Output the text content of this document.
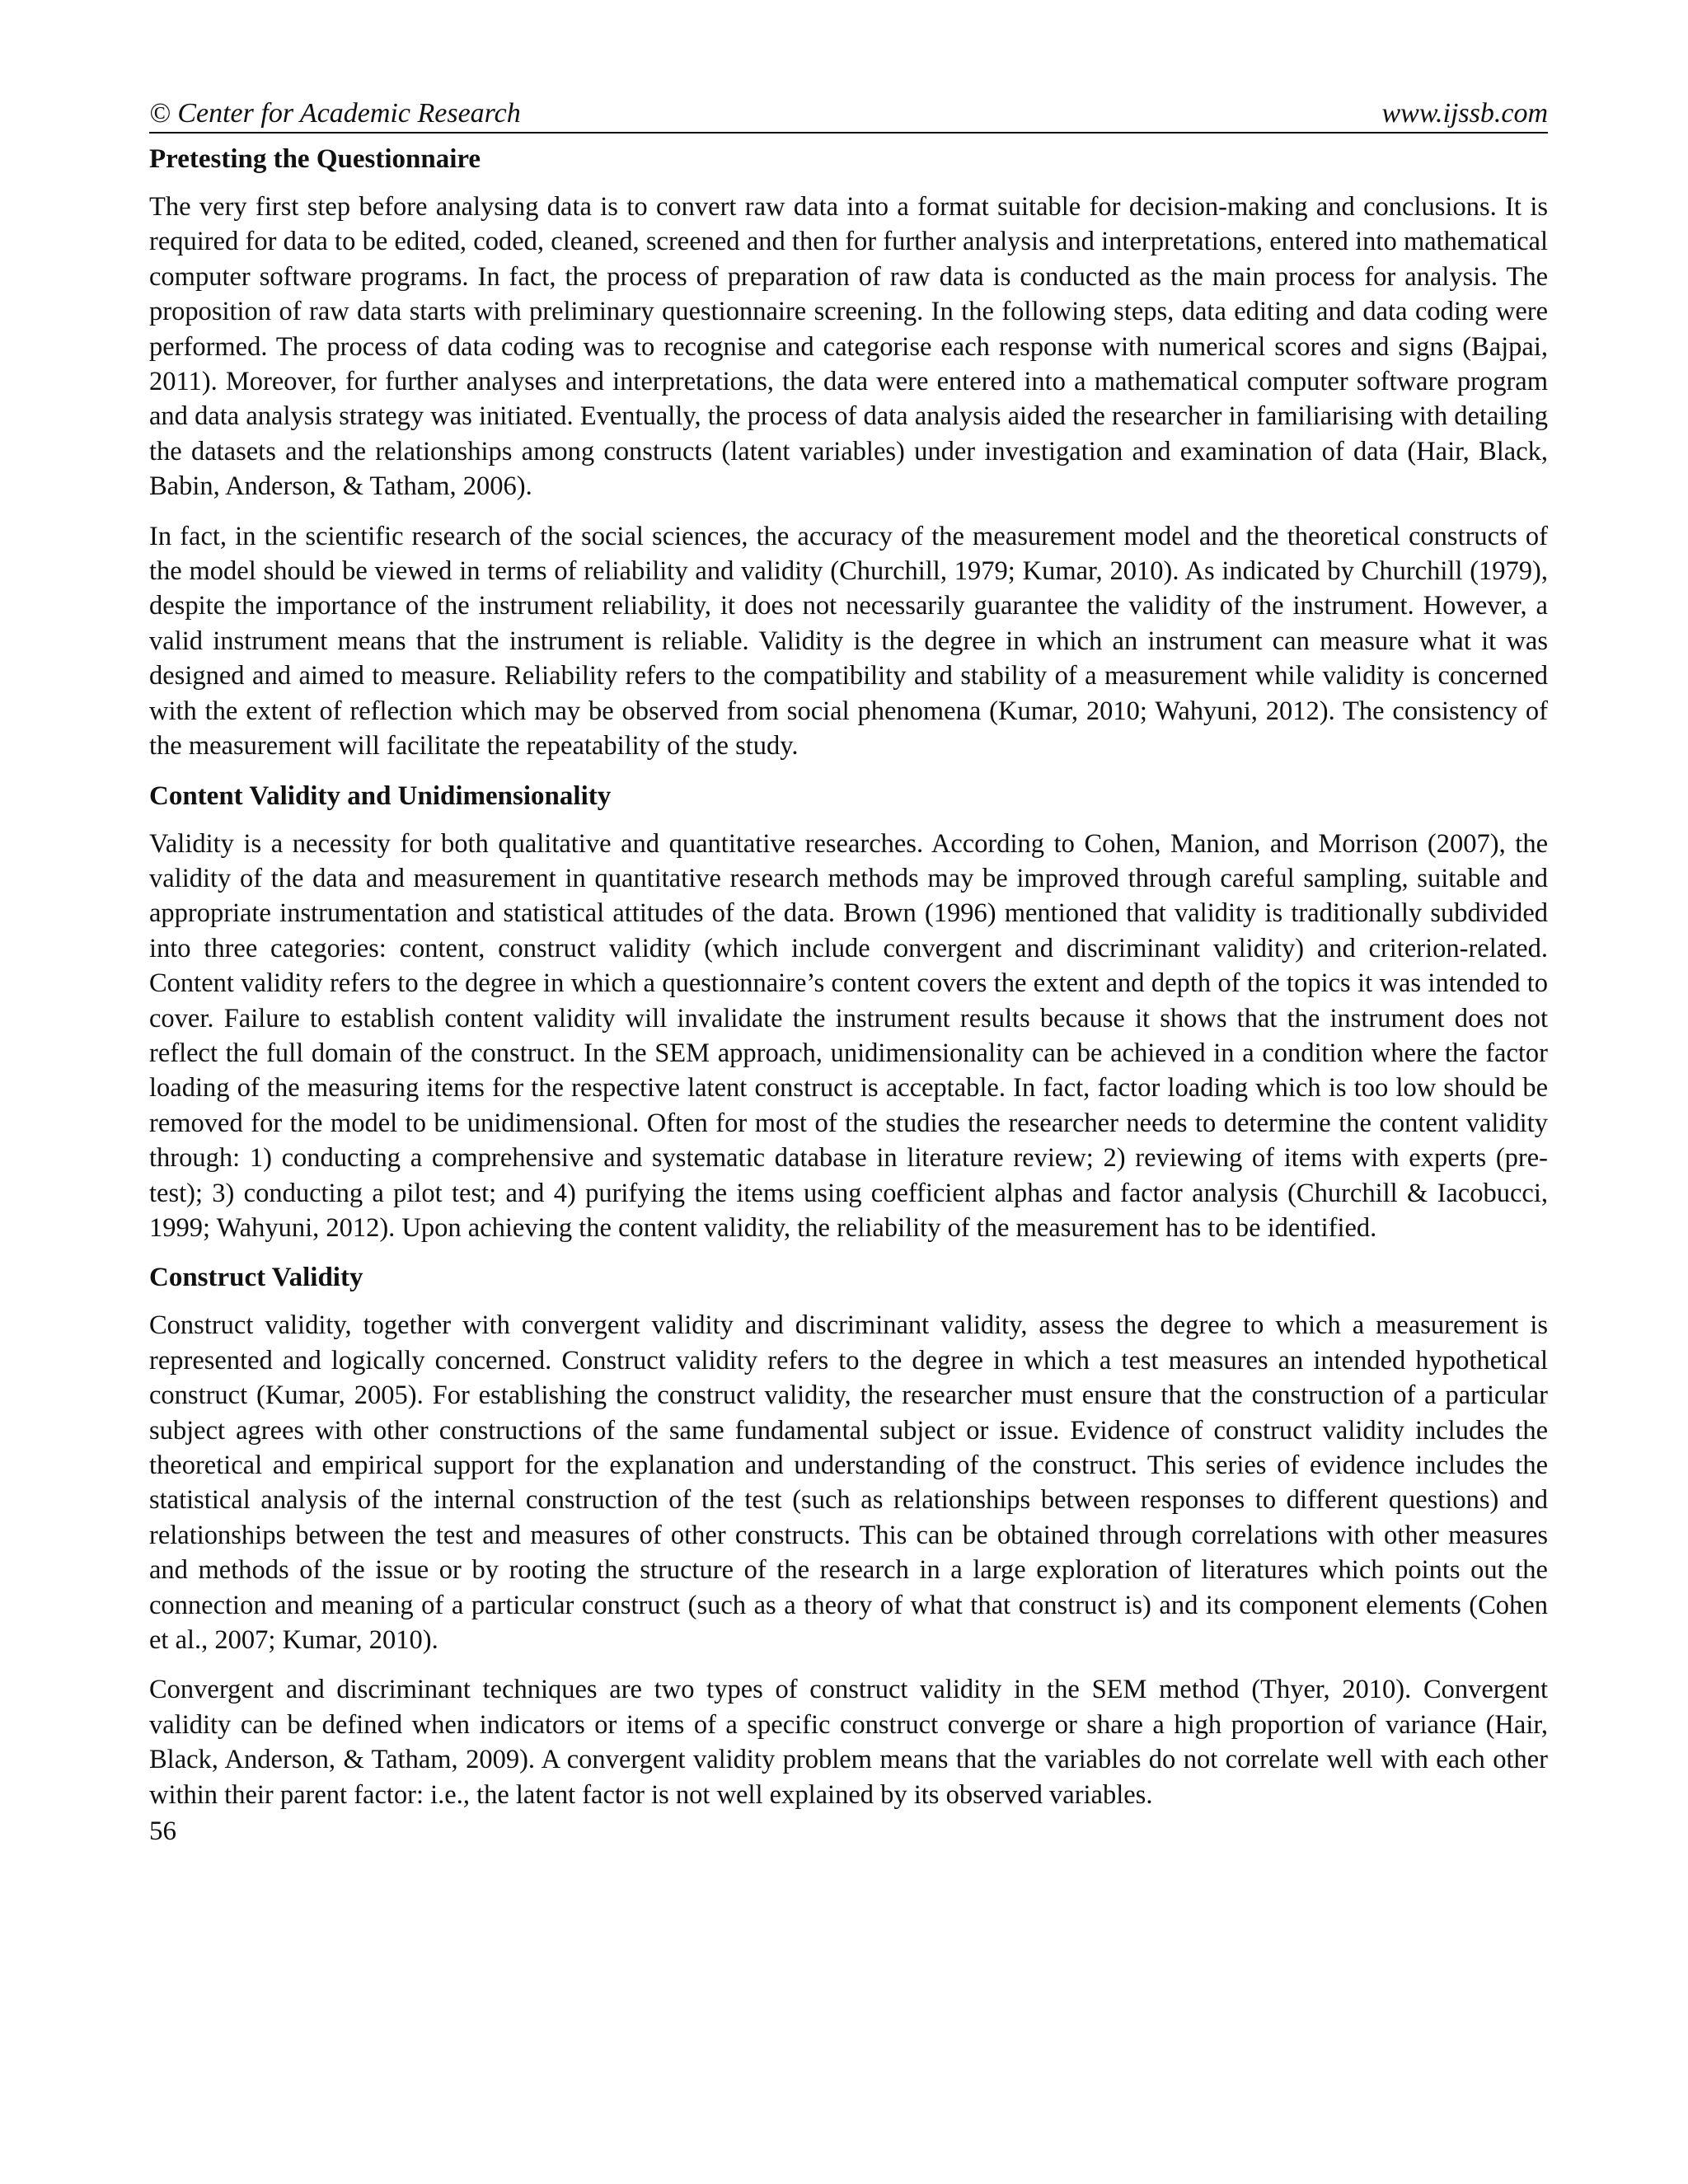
© Center for Academic Research	www.ijssb.com
Pretesting the Questionnaire

The very first step before analysing data is to convert raw data into a format suitable for decision-making and conclusions. It is required for data to be edited, coded, cleaned, screened and then for further analysis and interpretations, entered into mathematical computer software programs. In fact, the process of preparation of raw data is conducted as the main process for analysis. The proposition of raw data starts with preliminary questionnaire screening. In the following steps, data editing and data coding were performed. The process of data coding was to recognise and categorise each response with numerical scores and signs (Bajpai, 2011). Moreover, for further analyses and interpretations, the data were entered into a mathematical computer software program and data analysis strategy was initiated. Eventually, the process of data analysis aided the researcher in familiarising with detailing the datasets and the relationships among constructs (latent variables) under investigation and examination of data (Hair, Black, Babin, Anderson, & Tatham, 2006).

In fact, in the scientific research of the social sciences, the accuracy of the measurement model and the theoretical constructs of the model should be viewed in terms of reliability and validity (Churchill, 1979; Kumar, 2010). As indicated by Churchill (1979), despite the importance of the instrument reliability, it does not necessarily guarantee the validity of the instrument. However, a valid instrument means that the instrument is reliable. Validity is the degree in which an instrument can measure what it was designed and aimed to measure. Reliability refers to the compatibility and stability of a measurement while validity is concerned with the extent of reflection which may be observed from social phenomena (Kumar, 2010; Wahyuni, 2012). The consistency of the measurement will facilitate the repeatability of the study.

Content Validity and Unidimensionality

Validity is a necessity for both qualitative and quantitative researches. According to Cohen, Manion, and Morrison (2007), the validity of the data and measurement in quantitative research methods may be improved through careful sampling, suitable and appropriate instrumentation and statistical attitudes of the data. Brown (1996) mentioned that validity is traditionally subdivided into three categories: content, construct validity (which include convergent and discriminant validity) and criterion-related. Content validity refers to the degree in which a questionnaire’s content covers the extent and depth of the topics it was intended to cover. Failure to establish content validity will invalidate the instrument results because it shows that the instrument does not reflect the full domain of the construct. In the SEM approach, unidimensionality can be achieved in a condition where the factor loading of the measuring items for the respective latent construct is acceptable. In fact, factor loading which is too low should be removed for the model to be unidimensional. Often for most of the studies the researcher needs to determine the content validity through: 1) conducting a comprehensive and systematic database in literature review; 2) reviewing of items with experts (pre-test); 3) conducting a pilot test; and 4) purifying the items using coefficient alphas and factor analysis (Churchill & Iacobucci, 1999; Wahyuni, 2012). Upon achieving the content validity, the reliability of the measurement has to be identified.

Construct Validity

Construct validity, together with convergent validity and discriminant validity, assess the degree to which a measurement is represented and logically concerned. Construct validity refers to the degree in which a test measures an intended hypothetical construct (Kumar, 2005). For establishing the construct validity, the researcher must ensure that the construction of a particular subject agrees with other constructions of the same fundamental subject or issue. Evidence of construct validity includes the theoretical and empirical support for the explanation and understanding of the construct. This series of evidence includes the statistical analysis of the internal construction of the test (such as relationships between responses to different questions) and relationships between the test and measures of other constructs. This can be obtained through correlations with other measures and methods of the issue or by rooting the structure of the research in a large exploration of literatures which points out the connection and meaning of a particular construct (such as a theory of what that construct is) and its component elements (Cohen et al., 2007; Kumar, 2010).

Convergent and discriminant techniques are two types of construct validity in the SEM method (Thyer, 2010). Convergent validity can be defined when indicators or items of a specific construct converge or share a high proportion of variance (Hair, Black, Anderson, & Tatham, 2009). A convergent validity problem means that the variables do not correlate well with each other within their parent factor: i.e., the latent factor is not well explained by its observed variables.

56
